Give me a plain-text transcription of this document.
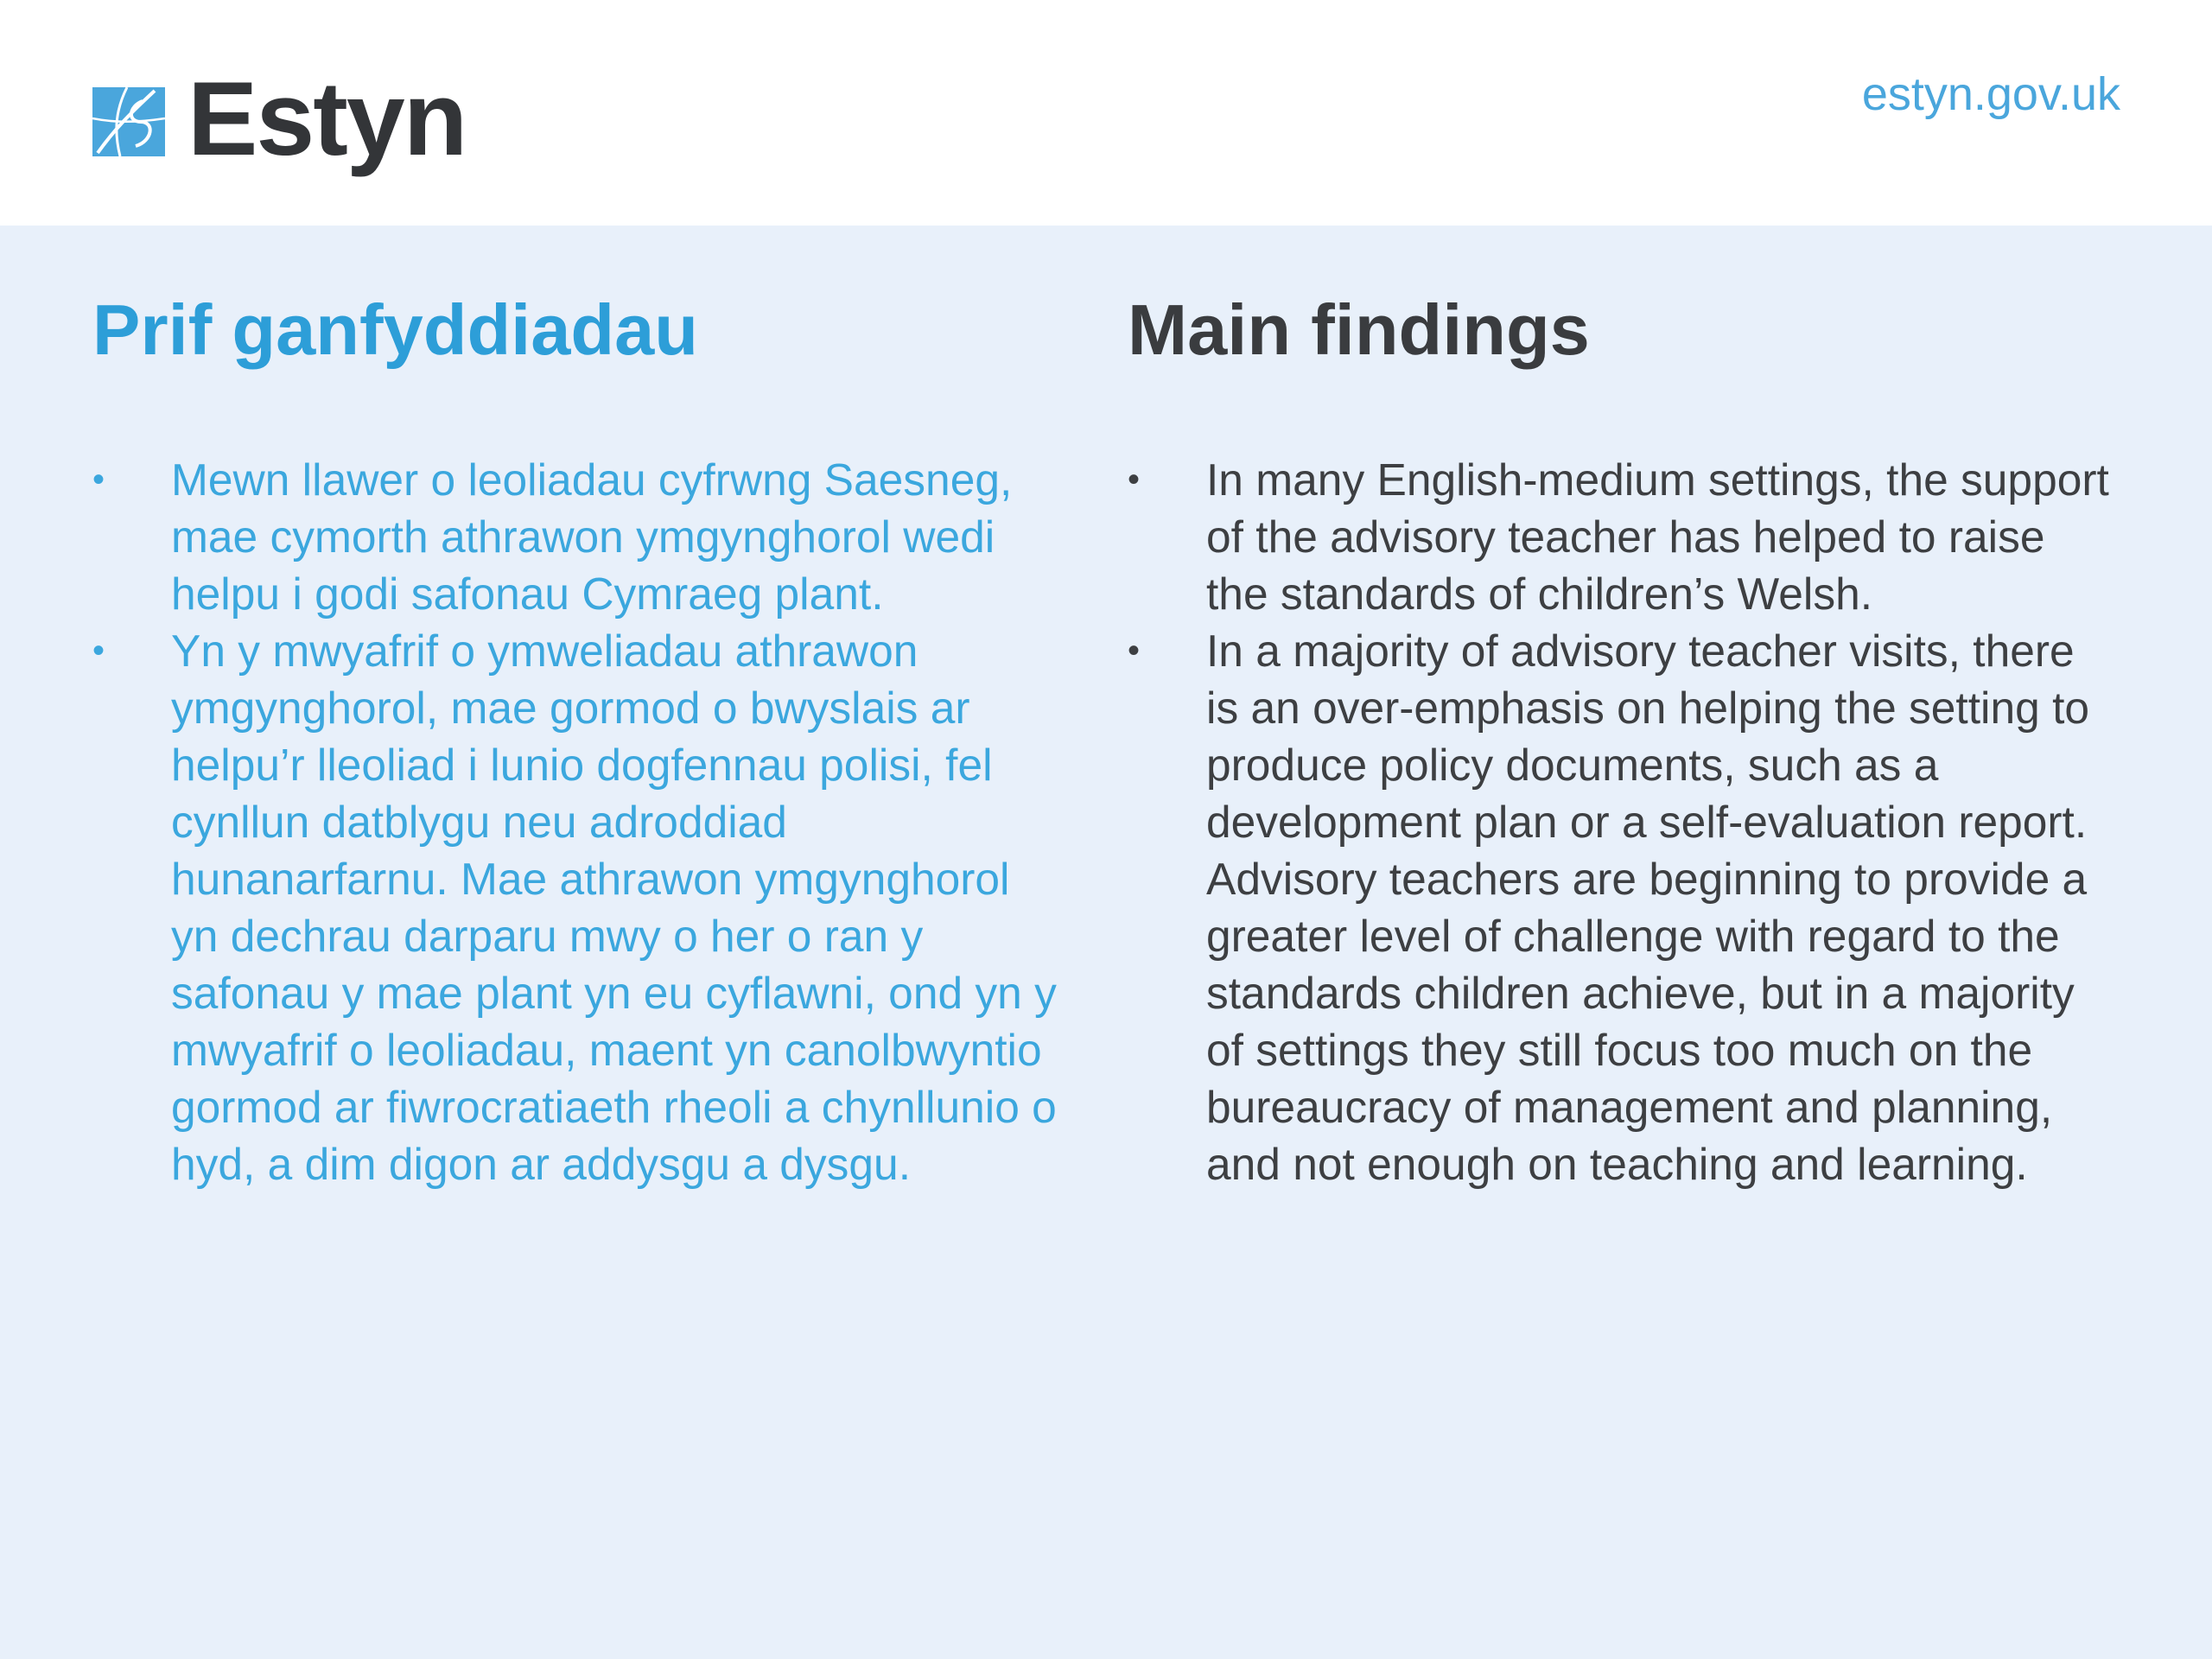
Estyn	estyn.gov.uk
Prif ganfyddiadau
• Mewn llawer o leoliadau cyfrwng Saesneg, mae cymorth athrawon ymgynghorol wedi helpu i godi safonau Cymraeg plant.
• Yn y mwyafrif o ymweliadau athrawon ymgynghorol, mae gormod o bwyslais ar helpu’r lleoliad i lunio dogfennau polisi, fel cynllun datblygu neu adroddiad hunanarfarnu. Mae athrawon ymgynghorol yn dechrau darparu mwy o her o ran y safonau y mae plant yn eu cyflawni, ond yn y mwyafrif o leoliadau, maent yn canolbwyntio gormod ar fiwrocratiaeth rheoli a chynllunio o hyd, a dim digon ar addysgu a dysgu.
Main findings
• In many English-medium settings, the support of the advisory teacher has helped to raise the standards of children’s Welsh.
• In a majority of advisory teacher visits, there is an over-emphasis on helping the setting to produce policy documents, such as a development plan or a self-evaluation report. Advisory teachers are beginning to provide a greater level of challenge with regard to the standards children achieve, but in a majority of settings they still focus too much on the bureaucracy of management and planning, and not enough on teaching and learning.
